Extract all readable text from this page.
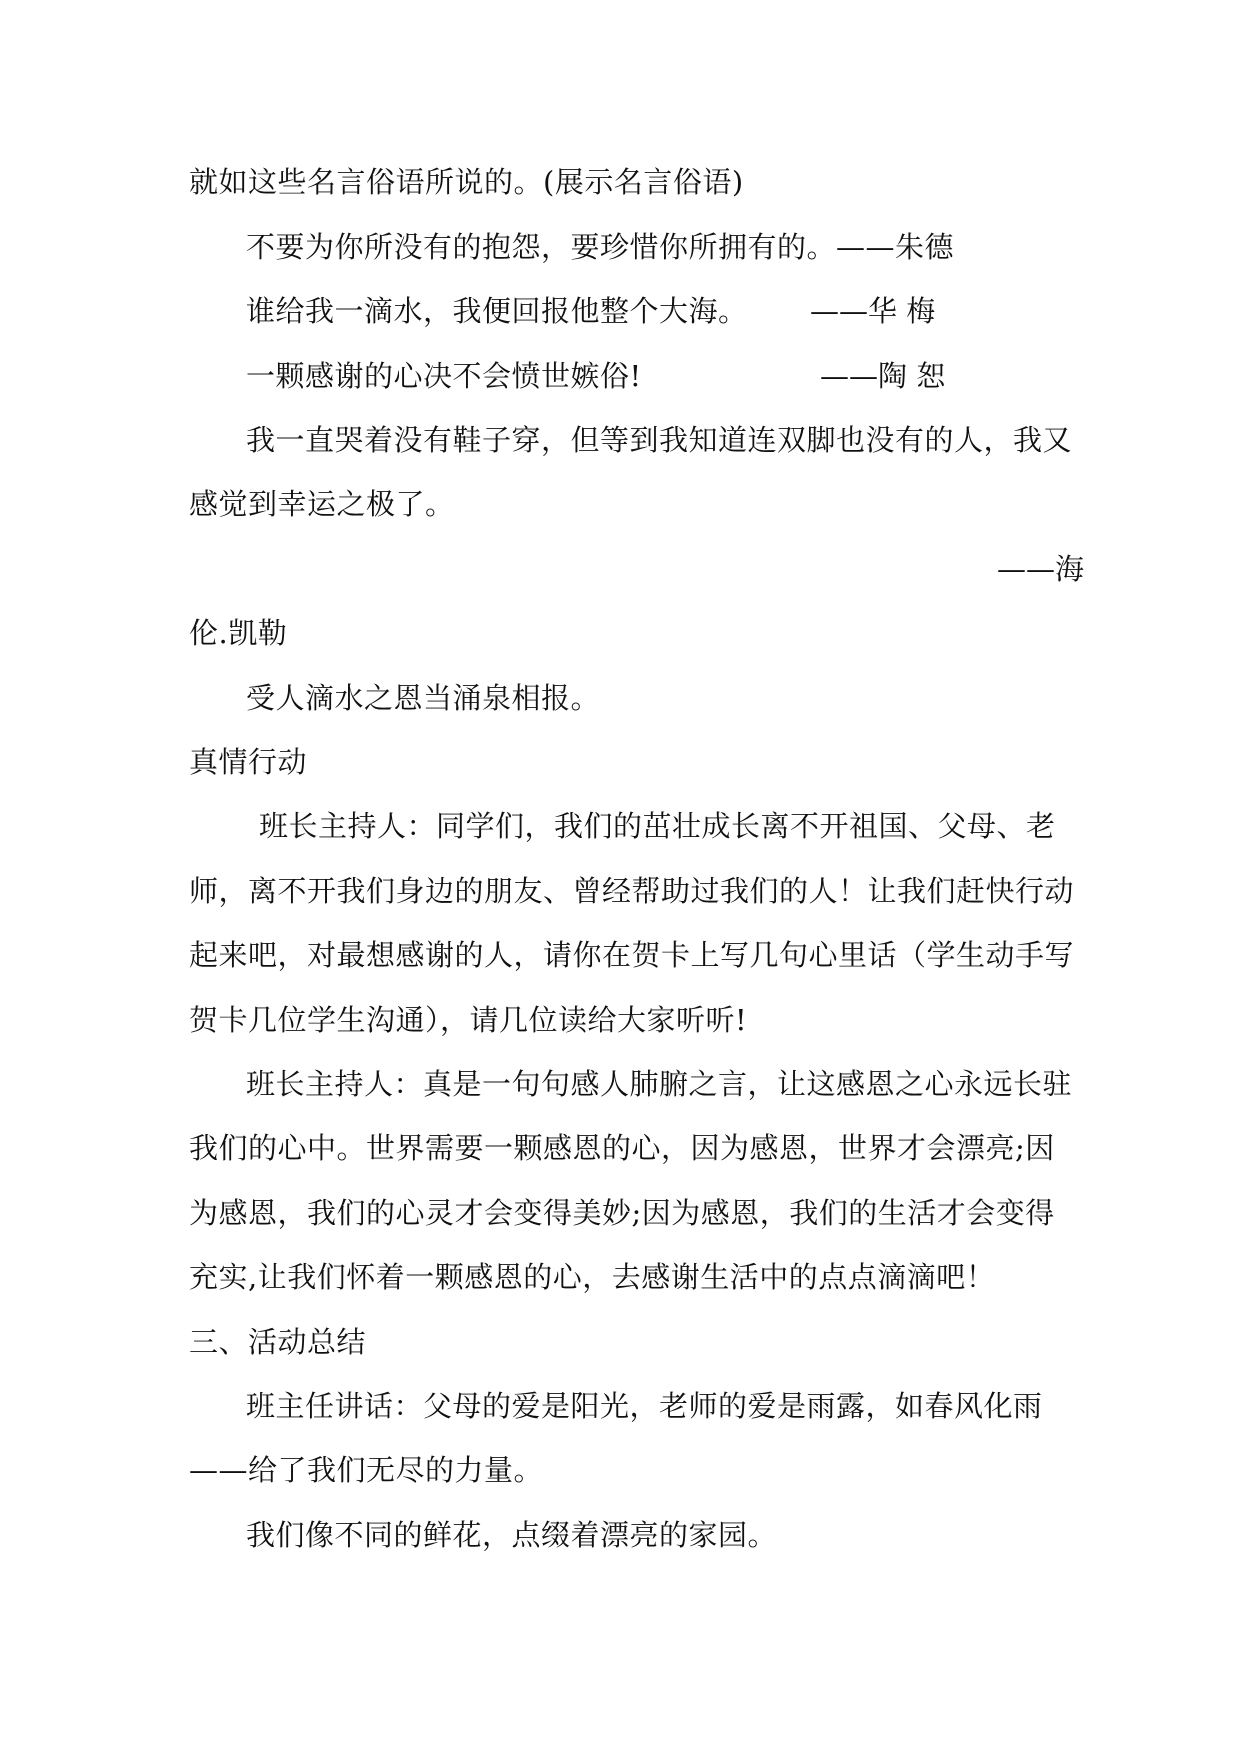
就如这些名言俗语所说的。(展示名言俗语)
不要为你所没有的抱怨，要珍惜你所拥有的。——朱德
谁给我一滴水，我便回报他整个大海。 ——华 梅
一颗感谢的心决不会愤世嫉俗!	——陶 恕
我一直哭着没有鞋子穿，但等到我知道连双脚也没有的人，我又
感觉到幸运之极了。
——海
伦.凯勒
受人滴水之恩当涌泉相报。
真情行动
班长主持人：同学们，我们的茁壮成长离不开祖国、父母、老
师，离不开我们身边的朋友、曾经帮助过我们的人！让我们赶快行动
起来吧，对最想感谢的人，请你在贺卡上写几句心里话（学生动手写
贺卡几位学生沟通），请几位读给大家听听!
班长主持人：真是一句句感人肺腑之言，让这感恩之心永远长驻
我们的心中。世界需要一颗感恩的心，因为感恩，世界才会漂亮;因
为感恩，我们的心灵才会变得美妙;因为感恩，我们的生活才会变得
充实,让我们怀着一颗感恩的心，去感谢生活中的点点滴滴吧！
三、活动总结
班主任讲话：父母的爱是阳光，老师的爱是雨露，如春风化雨
——给了我们无尽的力量。
我们像不同的鲜花，点缀着漂亮的家园。
